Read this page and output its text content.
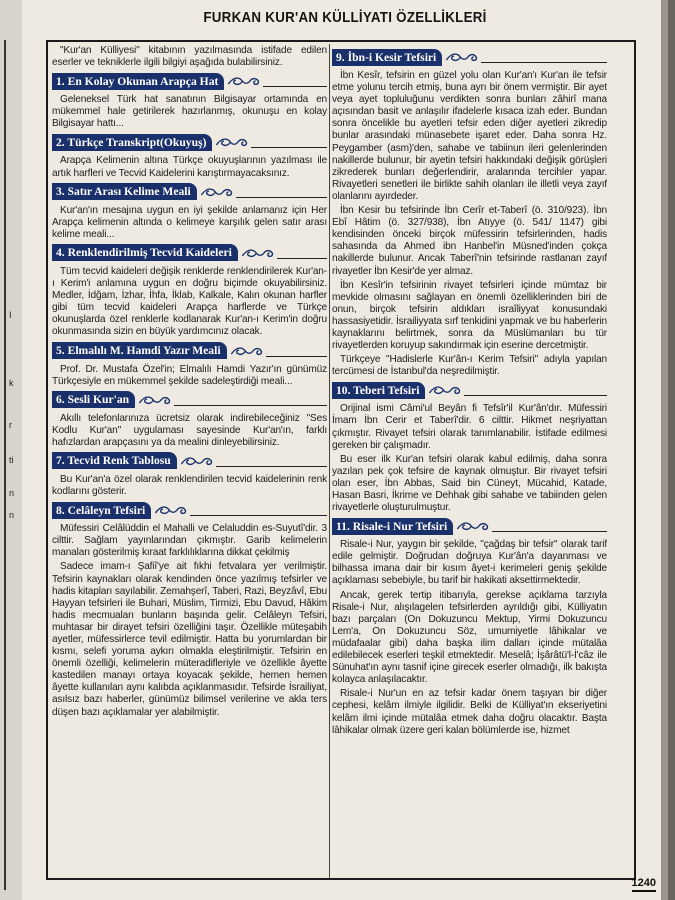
I
k
r
ti
n
n
FURKAN KUR'AN KÜLLİYATI ÖZELLİKLERİ
1240

"Kur'an Külliyesi" kitabının yazılmasında istifade edilen eserler ve tekniklerle ilgili bilgiyi aşağıda bulabilirsiniz.

1. En Kolay Okunan Arapça Hat

Geleneksel Türk hat sanatının Bilgisayar ortamında en mükemmel hale getirilerek hazırlanmış, okunuşu en kolay Bilgisayar hattı...

2. Türkçe Transkript(Okuyuş)

Arapça Kelimenin altına Türkçe okuyuşlarının yazılması ile artık harfleri ve Tecvid Kaidelerini karıştırmayacaksınız.

3. Satır Arası Kelime Meali

Kur'an'ın mesajına uygun en iyi şekilde anlamanız için Her Arapça kelimenin altında o kelimeye karşılık gelen satır arası kelime meali...

4. Renklendirilmiş Tecvid Kaideleri

Tüm tecvid kaideleri değişik renklerde renklendirilerek Kur'an-ı Kerim'i anlamına uygun en doğru biçimde okuyabilirsiniz. Medler, İdğam, İzhar, İhfa, İklab, Kalkale, Kalın okunan harfler gibi tüm tecvid kaideleri Arapça harflerde ve Türkçe okunuşlarda özel renklerle kodlanarak Kur'an-ı Kerim'in doğru okunmasında sizin en büyük yardımcınız olacak.

5. Elmalılı M. Hamdi Yazır Meali

Prof. Dr. Mustafa Özel'in; Elmalılı Hamdi Yazır'ın günümüz Türkçesiyle en mükemmel şekilde sadeleştirdiği meali...

6. Sesli Kur'an

Akıllı telefonlarınıza ücretsiz olarak indirebileceğiniz "Ses Kodlu Kur'an" uygulaması sayesinde Kur'an'ın, farklı hafızlardan arapçasını ya da mealini dinleyebilirsiniz.

7. Tecvid Renk Tablosu

Bu Kur'an'a özel olarak renklendirilen tecvid kaidelerinin renk kodlarını gösterir.

8. Celâleyn Tefsiri

Müfessiri Celâlüddin el Mahalli ve Celaluddin es-Suyutî'dir. 3 cilttir. Sağlam yayınlarından çıkmıştır. Garib kelimelerin manaları gösterilmiş kıraat farklılıklarına dikkat çekilmiş

Sadece imam-ı Şafiî'ye ait fıkhi fetvalara yer verilmiştir. Tefsirin kaynakları olarak kendinden önce yazılmış tefsirler ve hadis kitapları sayılabilir. Zemahşerî, Taberi, Razi, Beyzâvî, Ebu Hayyan tefsirleri ile Buhari, Müslim, Tirmizi, Ebu Davud, Hâkim hadis mecmuaları bunların başında gelir. Celâleyn Tefsiri, muhtasar bir dirayet tefsiri özelliğini taşır. Özellikle müteşabih ayetler, müfessirlerce tevil edilmiştir. Hatta bu yorumlardan bir kısmı, selefi yoruma aykırı olmakla eleştirilmiştir. Tefsirin en önemli özelliği, kelimelerin müteradifleriyle ve özellikle âyette kastedilen manayı ortaya koyacak şekilde, hemen hemen âyette kullanılan aynı kalıbda açıklanmasıdır. Tefsirde İsrailiyat, asılsız bazı haberler, günümüz bilimsel verilerine ve akla ters düşen bazı açıklamalar yer alabilmiştir.

9. İbn-i Kesir Tefsiri

İbn Kesîr, tefsirin en güzel yolu olan Kur'an'ı Kur'an ile tefsir etme yolunu tercih etmiş, buna ayrı bir önem vermiştir. Bir ayet veya ayet topluluğunu verdikten sonra bunları zâhirî mana açısından basit ve anlaşılır ifadelerle kısaca izah eder. Bundan sonra öncelikle bu ayetleri tefsir eden diğer ayetleri zikredip bunlar arasındaki münasebete işaret eder. Daha sonra Hz. Peygamber (asm)'den, sahabe ve tabiinun ileri gelenlerinden nakillerde bulunur, bir ayetin tefsiri hakkındaki değişik görüşleri zikrederek bunları değerlendirir, aralarında tercihler yapar. Rivayetleri senetleri ile birlikte sahih olanları ile illetli veya zayıf olanlarını ayırdeder.

İbn Kesir bu tefsirinde İbn Cerîr et-Taberî (ö. 310/923). İbn Ebî Hâtim (ö. 327/938), İbn Atıyye (ö. 541/ 1147) gibi kendisinden önceki birçok müfessirin tefsirlerinden, hadis sahasında da Ahmed ibn Hanbel'in Müsned'inden çokça nakillerde bulunur. Ancak Taberî'nin tefsirinde rastlanan zayıf rivayetler İbn Kesir'de yer almaz.

İbn Kesîr'in tefsirinin rivayet tefsirleri içinde mümtaz bir mevkide olmasını sağlayan en önemli özelliklerinden biri de onun, birçok tefsirin aldıkları israîliyyat konusundaki hassasiyetidir. İsrailiyyata sırf tenkidini yapmak ve bu haberlerin kaynaklarını belirtmek, sonra da Müslümanları bu tür rivayetlerden koruyup sakındırmak için eserine dercetmiştir.

Türkçeye "Hadislerle Kur'ân-ı Kerim Tefsiri" adıyla yapılan tercümesi de İstanbul'da neşredilmiştir.

10. Teberi Tefsiri

Orijinal ismi Câmi'ul Beyân fi Tefsîr'il Kur'ân'dır. Müfessiri İmam İbn Cerir et Taberî'dir. 6 cilttir. Hikmet neşriyattan çıkmıştır. Rivayet tefsiri olarak tanımlanabilir. İstifade edilmesi gereken bir çalışmadır.

Bu eser ilk Kur'an tefsiri olarak kabul edilmiş, daha sonra yazılan pek çok tefsire de kaynak olmuştur. Bir rivayet tefsiri olan eser, İbn Abbas, Said bin Cüneyt, Mücahid, Katade, Hasan Basri, İkrime ve Dehhak gibi sahabe ve tabiinden gelen rivayetlerle oluşturulmuştur.

11. Risale-i Nur Tefsiri

Risale-i Nur, yaygın bir şekilde, "çağdaş bir tefsir" olarak tarif edile gelmiştir. Doğrudan doğruya Kur'ân'a dayanması ve bilhassa imana dair bir kısım âyet-i kerimeleri geniş şekilde açıklaması sebebiyle, bu tarif bir hakikati aksettirmektedir.

Ancak, gerek tertip itibarıyla, gerekse açıklama tarzıyla Risale-i Nur, alışılagelen tefsirlerden ayrıldığı gibi, Külliyatın bazı parçaları (On Dokuzuncu Mektup, Yirmi Dokuzuncu Lem'a, On Dokuzuncu Söz, umumiyetle lâhikalar ve müdafaalar gibi) daha başka ilim dalları içinde mütalâa edilebilecek eserleri teşkil etmektedir. Meselâ; İşârâtü'l-İ'câz ile Sünuhat'ın aynı tasnif içine girecek eserler olmadığı, ilk bakışta kolayca anlaşılacaktır.

Risale-i Nur'un en az tefsir kadar önem taşıyan bir diğer cephesi, kelâm ilmiyle ilgilidir. Belki de Külliyat'ın ekseriyetini kelâm ilmi içinde mütalâa etmek daha doğru olacaktır. Başta lâhikalar olmak üzere geri kalan bölümlerde ise, hizmet
